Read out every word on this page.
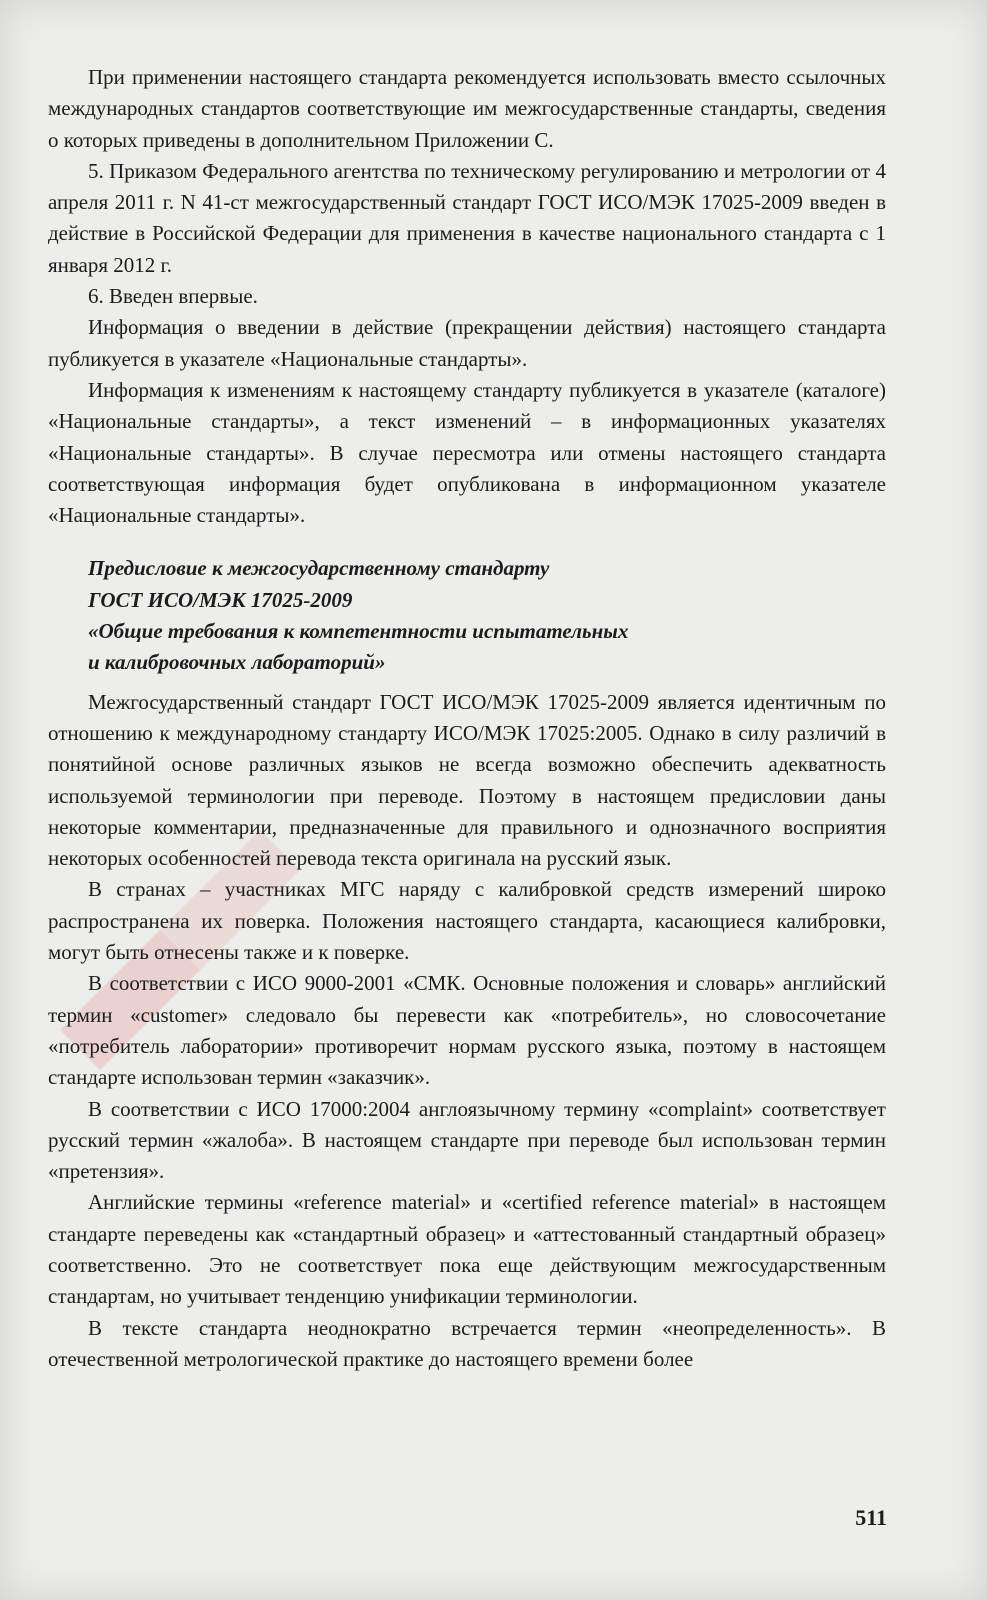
При применении настоящего стандарта рекомендуется использовать вместо ссылочных международных стандартов соответствующие им межгосударственные стандарты, сведения о которых приведены в дополнительном Приложении С.

5. Приказом Федерального агентства по техническому регулированию и метрологии от 4 апреля 2011 г. N 41-ст межгосударственный стандарт ГОСТ ИСО/МЭК 17025-2009 введен в действие в Российской Федерации для применения в качестве национального стандарта с 1 января 2012 г.

6. Введен впервые.

Информация о введении в действие (прекращении действия) настоящего стандарта публикуется в указателе «Национальные стандарты».

Информация к изменениям к настоящему стандарту публикуется в указателе (каталоге) «Национальные стандарты», а текст изменений – в информационных указателях «Национальные стандарты». В случае пересмотра или отмены настоящего стандарта соответствующая информация будет опубликована в информационном указателе «Национальные стандарты».

Предисловие к межгосударственному стандарту
ГОСТ ИСО/МЭК 17025-2009
«Общие требования к компетентности испытательных
и калибровочных лабораторий»

Межгосударственный стандарт ГОСТ ИСО/МЭК 17025-2009 является идентичным по отношению к международному стандарту ИСО/МЭК 17025:2005. Однако в силу различий в понятийной основе различных языков не всегда возможно обеспечить адекватность используемой терминологии при переводе. Поэтому в настоящем предисловии даны некоторые комментарии, предназначенные для правильного и однозначного восприятия некоторых особенностей перевода текста оригинала на русский язык.

В странах – участниках МГС наряду с калибровкой средств измерений широко распространена их поверка. Положения настоящего стандарта, касающиеся калибровки, могут быть отнесены также и к поверке.

В соответствии с ИСО 9000-2001 «СМК. Основные положения и словарь» английский термин «customer» следовало бы перевести как «потребитель», но словосочетание «потребитель лаборатории» противоречит нормам русского языка, поэтому в настоящем стандарте использован термин «заказчик».

В соответствии с ИСО 17000:2004 англоязычному термину «complaint» соответствует русский термин «жалоба». В настоящем стандарте при переводе был использован термин «претензия».

Английские термины «reference material» и «certified reference material» в настоящем стандарте переведены как «стандартный образец» и «аттестованный стандартный образец» соответственно. Это не соответствует пока еще действующим межгосударственным стандартам, но учитывает тенденцию унификации терминологии.

В тексте стандарта неоднократно встречается термин «неопределенность». В отечественной метрологической практике до настоящего времени более

511
